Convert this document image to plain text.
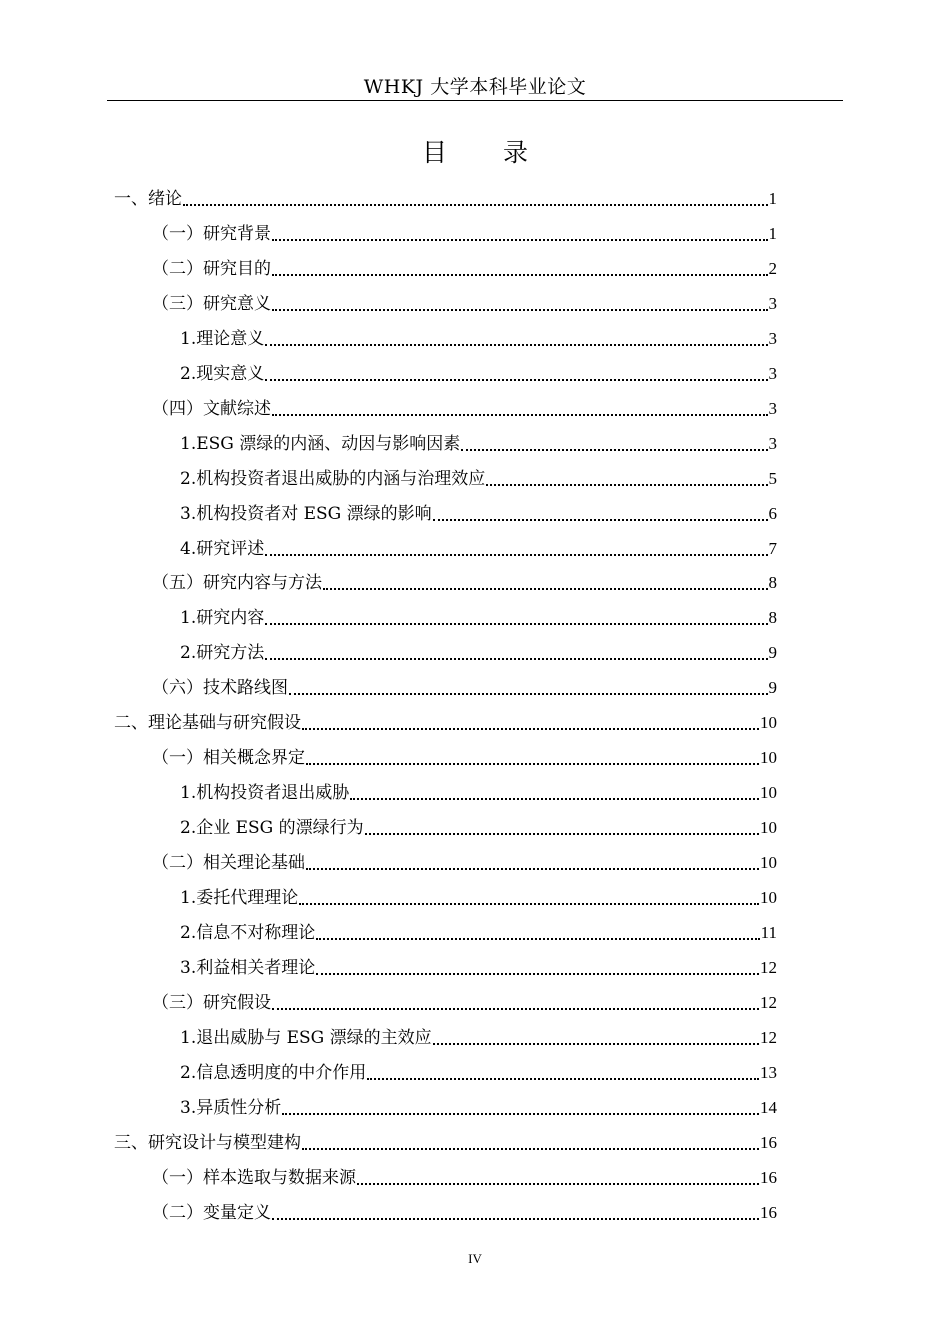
WHKJ 大学本科毕业论文
目 录
一、绪论	1
（一）研究背景	1
（二）研究目的	2
（三）研究意义	3
1.理论意义	3
2.现实意义	3
（四）文献综述	3
1.ESG 漂绿的内涵、动因与影响因素	3
2.机构投资者退出威胁的内涵与治理效应	5
3.机构投资者对 ESG 漂绿的影响	6
4.研究评述	7
（五）研究内容与方法	8
1.研究内容	8
2.研究方法	9
（六）技术路线图	9
二、理论基础与研究假设	10
（一）相关概念界定	10
1.机构投资者退出威胁	10
2.企业 ESG 的漂绿行为	10
（二）相关理论基础	10
1.委托代理理论	10
2.信息不对称理论	11
3.利益相关者理论	12
（三）研究假设	12
1.退出威胁与 ESG 漂绿的主效应	12
2.信息透明度的中介作用	13
3.异质性分析	14
三、研究设计与模型建构	16
（一）样本选取与数据来源	16
（二）变量定义	16
IV
